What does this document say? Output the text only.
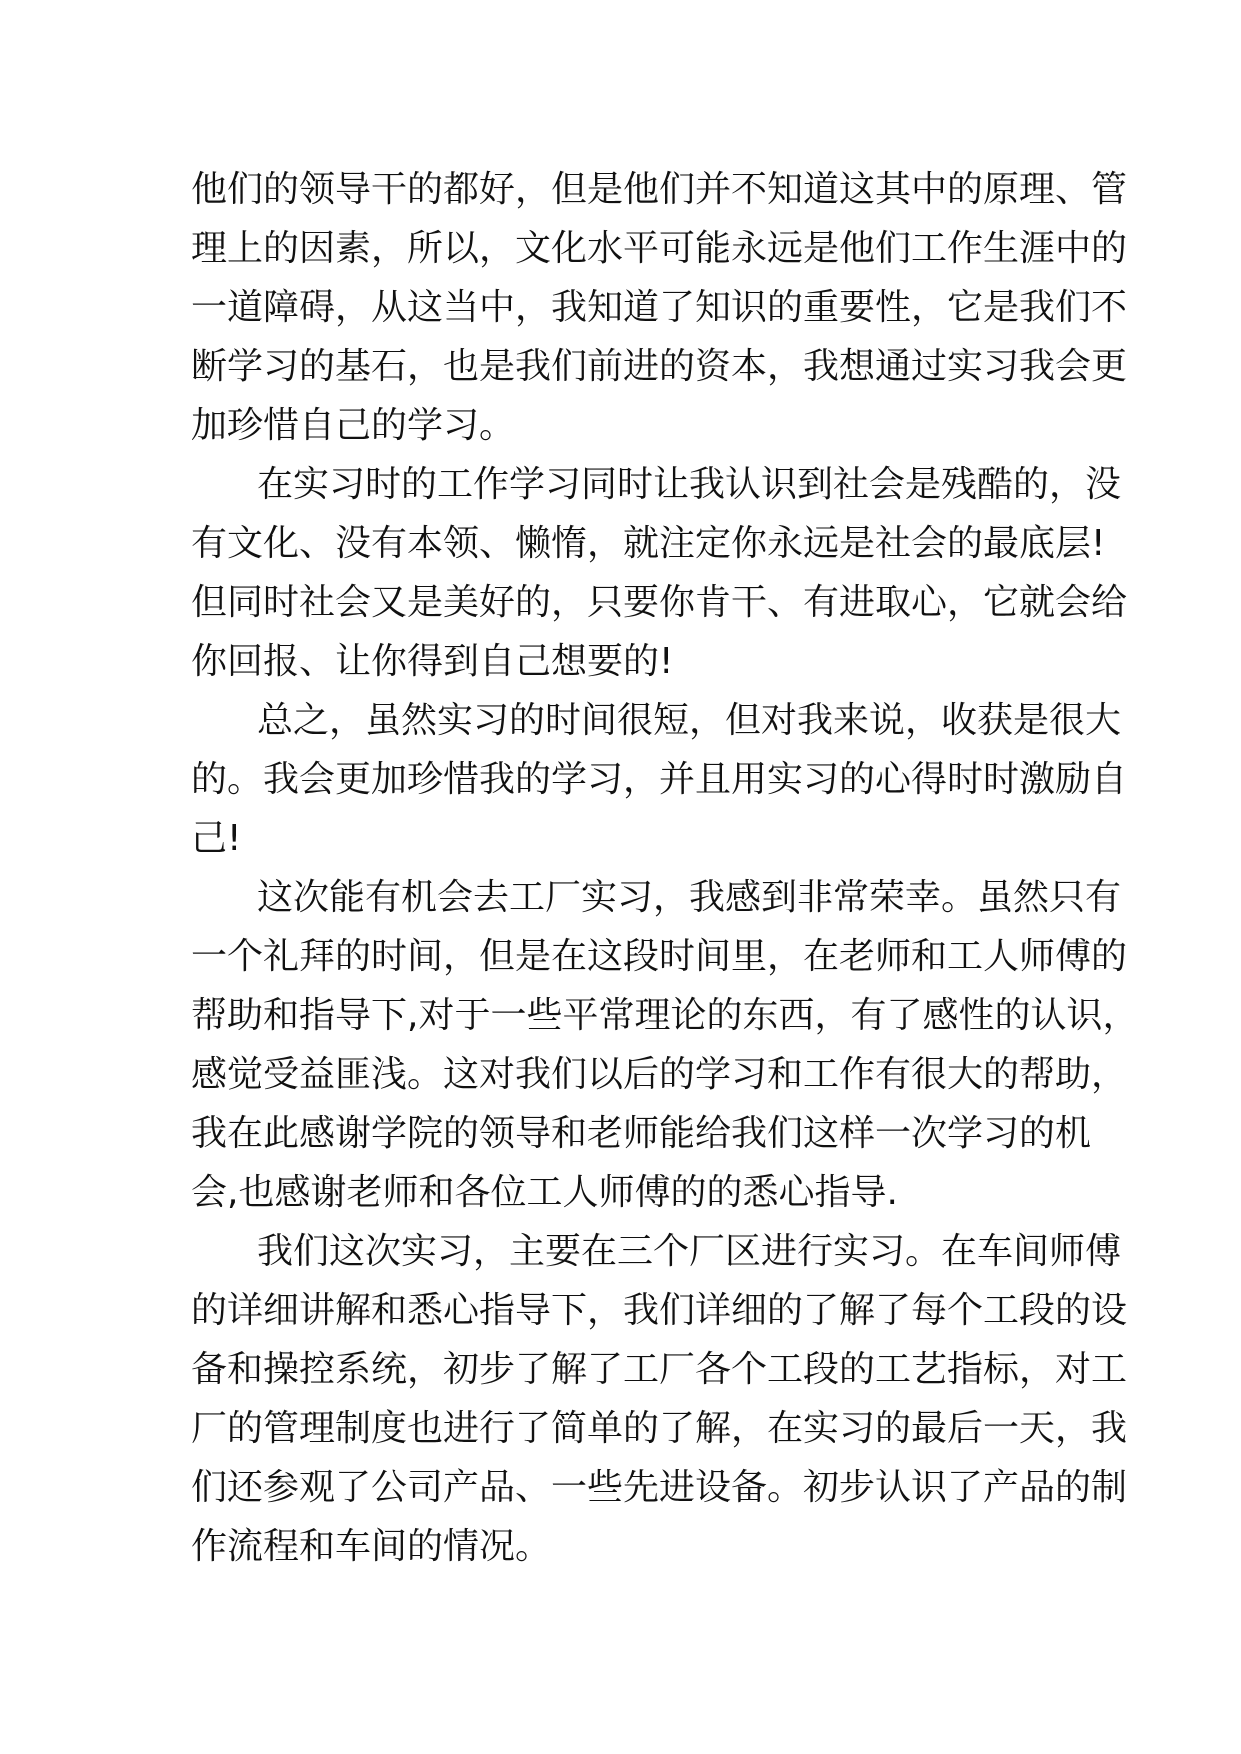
他们的领导干的都好，但是他们并不知道这其中的原理、管
理上的因素，所以，文化水平可能永远是他们工作生涯中的
一道障碍，从这当中，我知道了知识的重要性，它是我们不
断学习的基石，也是我们前进的资本，我想通过实习我会更
加珍惜自己的学习。
在实习时的工作学习同时让我认识到社会是残酷的，没
有文化、没有本领、懒惰，就注定你永远是社会的最底层!
但同时社会又是美好的，只要你肯干、有进取心，它就会给
你回报、让你得到自己想要的!
总之，虽然实习的时间很短，但对我来说，收获是很大
的。我会更加珍惜我的学习，并且用实习的心得时时激励自
己!
这次能有机会去工厂实习，我感到非常荣幸。虽然只有
一个礼拜的时间，但是在这段时间里，在老师和工人师傅的
帮助和指导下,对于一些平常理论的东西，有了感性的认识，
感觉受益匪浅。这对我们以后的学习和工作有很大的帮助，
我在此感谢学院的领导和老师能给我们这样一次学习的机
会,也感谢老师和各位工人师傅的的悉心指导.
我们这次实习，主要在三个厂区进行实习。在车间师傅
的详细讲解和悉心指导下，我们详细的了解了每个工段的设
备和操控系统，初步了解了工厂各个工段的工艺指标，对工
厂的管理制度也进行了简单的了解，在实习的最后一天，我
们还参观了公司产品、一些先进设备。初步认识了产品的制
作流程和车间的情况。
